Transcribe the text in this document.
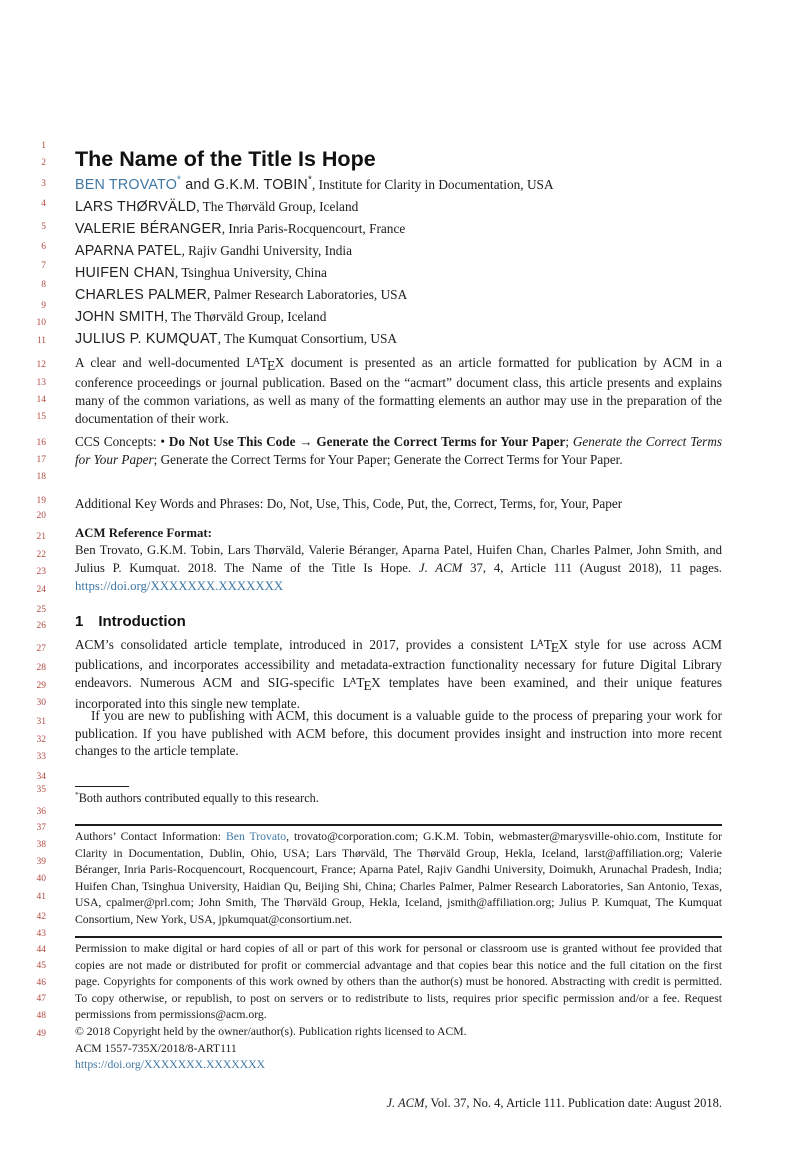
1
2
3
4
5
6
7
8
9
10
11
12
13
14
15
16
17
18
19
20
21
22
23
24
25
26
27
28
29
30
31
32
33
34
35
36
37
38
39
40
41
42
43
44
45
46
47
48
49
The Name of the Title Is Hope
BEN TROVATO* and G.K.M. TOBIN*, Institute for Clarity in Documentation, USA
LARS THØRVÄLD, The Thørväld Group, Iceland
VALERIE BÉRANGER, Inria Paris-Rocquencourt, France
APARNA PATEL, Rajiv Gandhi University, India
HUIFEN CHAN, Tsinghua University, China
CHARLES PALMER, Palmer Research Laboratories, USA
JOHN SMITH, The Thørväld Group, Iceland
JULIUS P. KUMQUAT, The Kumquat Consortium, USA

A clear and well-documented $L^ATEX$ document is presented as an article formatted for publication by ACM in a conference proceedings or journal publication. Based on the “acmart” document class, this article presents and explains many of the common variations, as well as many of the formatting elements an author may use in the preparation of the documentation of their work.

CCS Concepts: • Do Not Use This Code → Generate the Correct Terms for Your Paper; Generate the Correct Terms for Your Paper; Generate the Correct Terms for Your Paper; Generate the Correct Terms for Your Paper.

Additional Key Words and Phrases: Do, Not, Use, This, Code, Put, the, Correct, Terms, for, Your, Paper

ACM Reference Format:

Ben Trovato, G.K.M. Tobin, Lars Thørväld, Valerie Béranger, Aparna Patel, Huifen Chan, Charles Palmer, John Smith, and Julius P. Kumquat. 2018. The Name of the Title Is Hope. J. ACM 37, 4, Article 111 (August 2018), 11 pages. https://doi.org/XXXXXXX.XXXXXXX

1 Introduction

ACM’s consolidated article template, introduced in 2017, provides a consistent $L^ATEX$ style for use across ACM publications, and incorporates accessibility and metadata-extraction functionality necessary for future Digital Library endeavors. Numerous ACM and SIG-specific $L^ATEX$ templates have been examined, and their unique features incorporated into this single new template.

If you are new to publishing with ACM, this document is a valuable guide to the process of preparing your work for publication. If you have published with ACM before, this document provides insight and instruction into more recent changes to the article template.

*Both authors contributed equally to this research.

Authors’ Contact Information: Ben Trovato, trovato@corporation.com; G.K.M. Tobin, webmaster@marysville-ohio.com, Institute for Clarity in Documentation, Dublin, Ohio, USA; Lars Thørväld, The Thørväld Group, Hekla, Iceland, larst@affiliation.org; Valerie Béranger, Inria Paris-Rocquencourt, Rocquencourt, France; Aparna Patel, Rajiv Gandhi University, Doimukh, Arunachal Pradesh, India; Huifen Chan, Tsinghua University, Haidian Qu, Beijing Shi, China; Charles Palmer, Palmer Research Laboratories, San Antonio, Texas, USA, cpalmer@prl.com; John Smith, The Thørväld Group, Hekla, Iceland, jsmith@affiliation.org; Julius P. Kumquat, The Kumquat Consortium, New York, USA, jpkumquat@consortium.net.

Permission to make digital or hard copies of all or part of this work for personal or classroom use is granted without fee provided that copies are not made or distributed for profit or commercial advantage and that copies bear this notice and the full citation on the first page. Copyrights for components of this work owned by others than the author(s) must be honored. Abstracting with credit is permitted. To copy otherwise, or republish, to post on servers or to redistribute to lists, requires prior specific permission and/or a fee. Request permissions from permissions@acm.org.

© 2018 Copyright held by the owner/author(s). Publication rights licensed to ACM.
ACM 1557-735X/2018/8-ART111
https://doi.org/XXXXXXX.XXXXXXX
J. ACM, Vol. 37, No. 4, Article 111. Publication date: August 2018.
